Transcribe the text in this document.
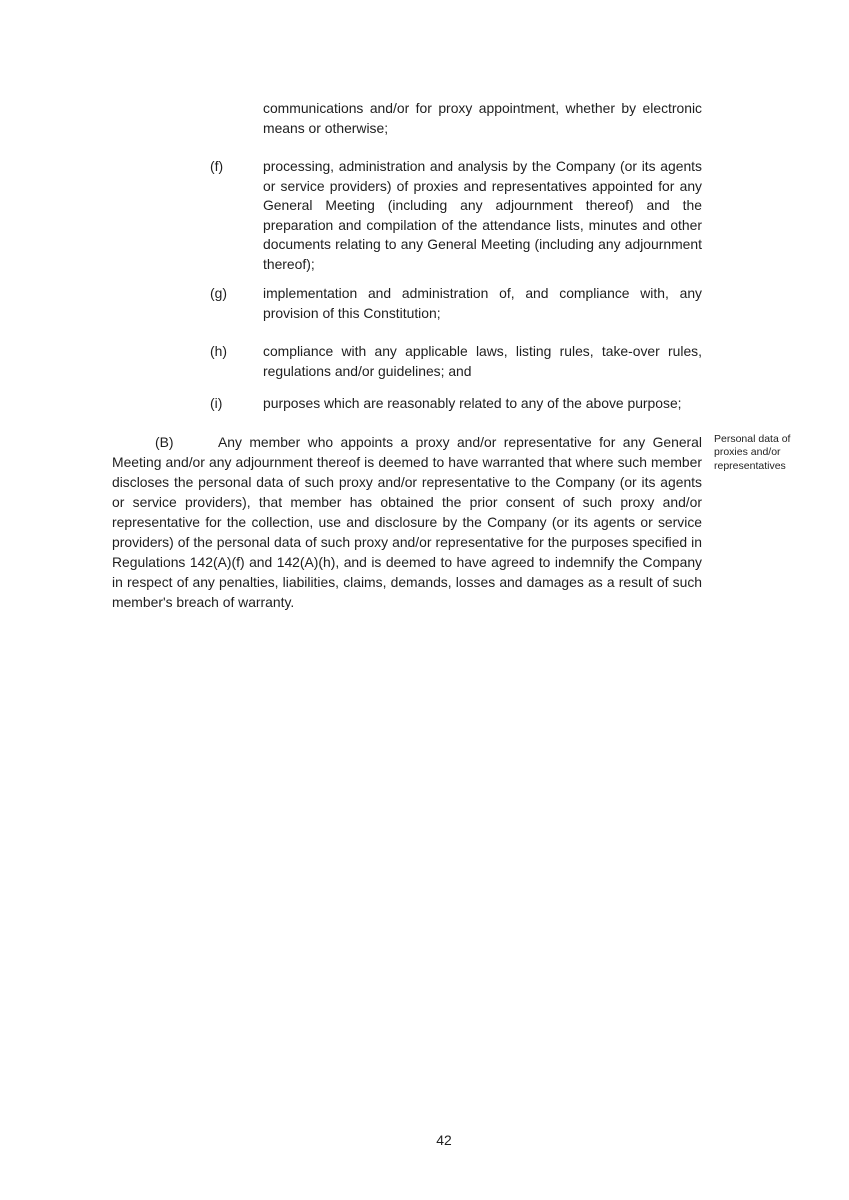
communications and/or for proxy appointment, whether by electronic means or otherwise;

(f)	processing, administration and analysis by the Company (or its agents or service providers) of proxies and representatives appointed for any General Meeting (including any adjournment thereof) and the preparation and compilation of the attendance lists, minutes and other documents relating to any General Meeting (including any adjournment thereof);
(g)	implementation and administration of, and compliance with, any provision of this Constitution;
(h)	compliance with any applicable laws, listing rules, take-over rules, regulations and/or guidelines; and
(i)	purposes which are reasonably related to any of the above purpose;

(B)	Any member who appoints a proxy and/or representative for any General Meeting and/or any adjournment thereof is deemed to have warranted that where such member discloses the personal data of such proxy and/or representative to the Company (or its agents or service providers), that member has obtained the prior consent of such proxy and/or representative for the collection, use and disclosure by the Company (or its agents or service providers) of the personal data of such proxy and/or representative for the purposes specified in Regulations 142(A)(f) and 142(A)(h), and is deemed to have agreed to indemnify the Company in respect of any penalties, liabilities, claims, demands, losses and damages as a result of such member's breach of warranty.

Personal data of proxies and/or representatives
42
